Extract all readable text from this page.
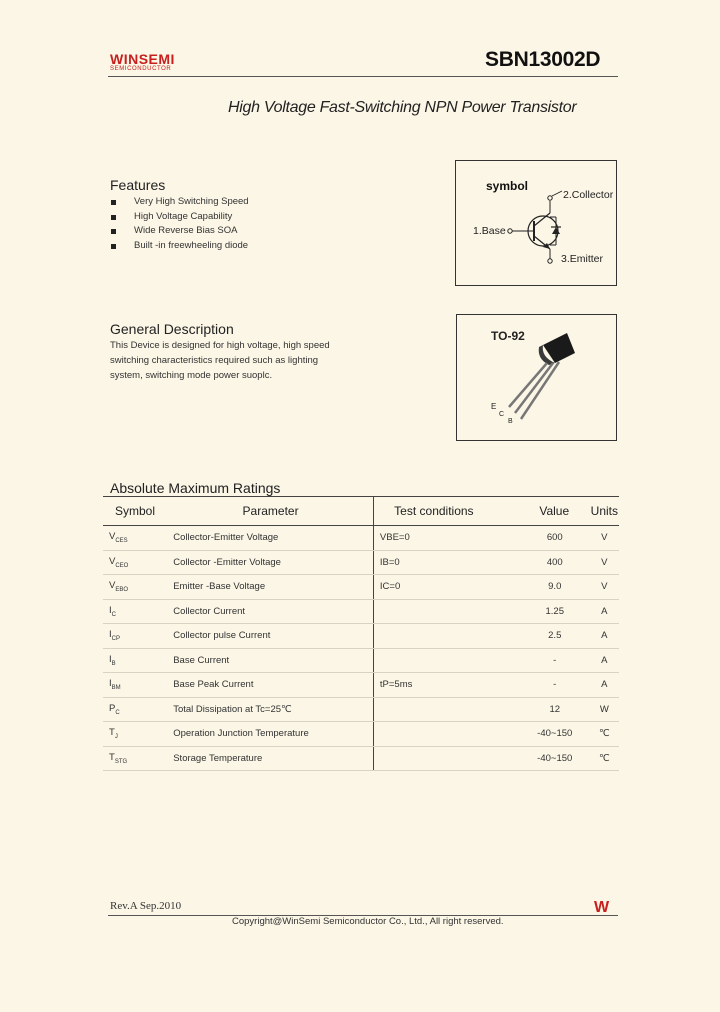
WINSEMI
SEMICONDUCTOR	SBN13002D
High Voltage Fast-Switching NPN Power Transistor
Features
Very High Switching Speed
High Voltage Capability
Wide Reverse Bias SOA
Built -in freewheeling diode
symbol
2.Collector
1.Base
3.Emitter
General Description
This Device is designed for high voltage, high speed switching characteristics required such as lighting system, switching mode power suoplc.
TO-92
E
C
B
Absolute Maximum Ratings
Symbol	Parameter	Test conditions	Value	Units
$V_{CES}$	Collector-Emitter Voltage	VBE=0	600	V
$V_{CEO}$	Collector -Emitter Voltage	IB=0	400	V
$V_{EBO}$	Emitter -Base Voltage	IC=0	9.0	V
$I_C$	Collector Current		1.25	A
$I_{CP}$	Collector pulse Current		2.5	A
$I_B$	Base Current		-	A
$I_{BM}$	Base Peak Current	tP=5ms	-	A
$P_C$	Total Dissipation at Tc=25℃		12	W
$T_J$	Operation Junction Temperature		-40~150	℃
$T_{STG}$	Storage Temperature		-40~150	℃
Rev.A Sep.2010	W
Copyright@WinSemi Semiconductor Co., Ltd., All right reserved.
